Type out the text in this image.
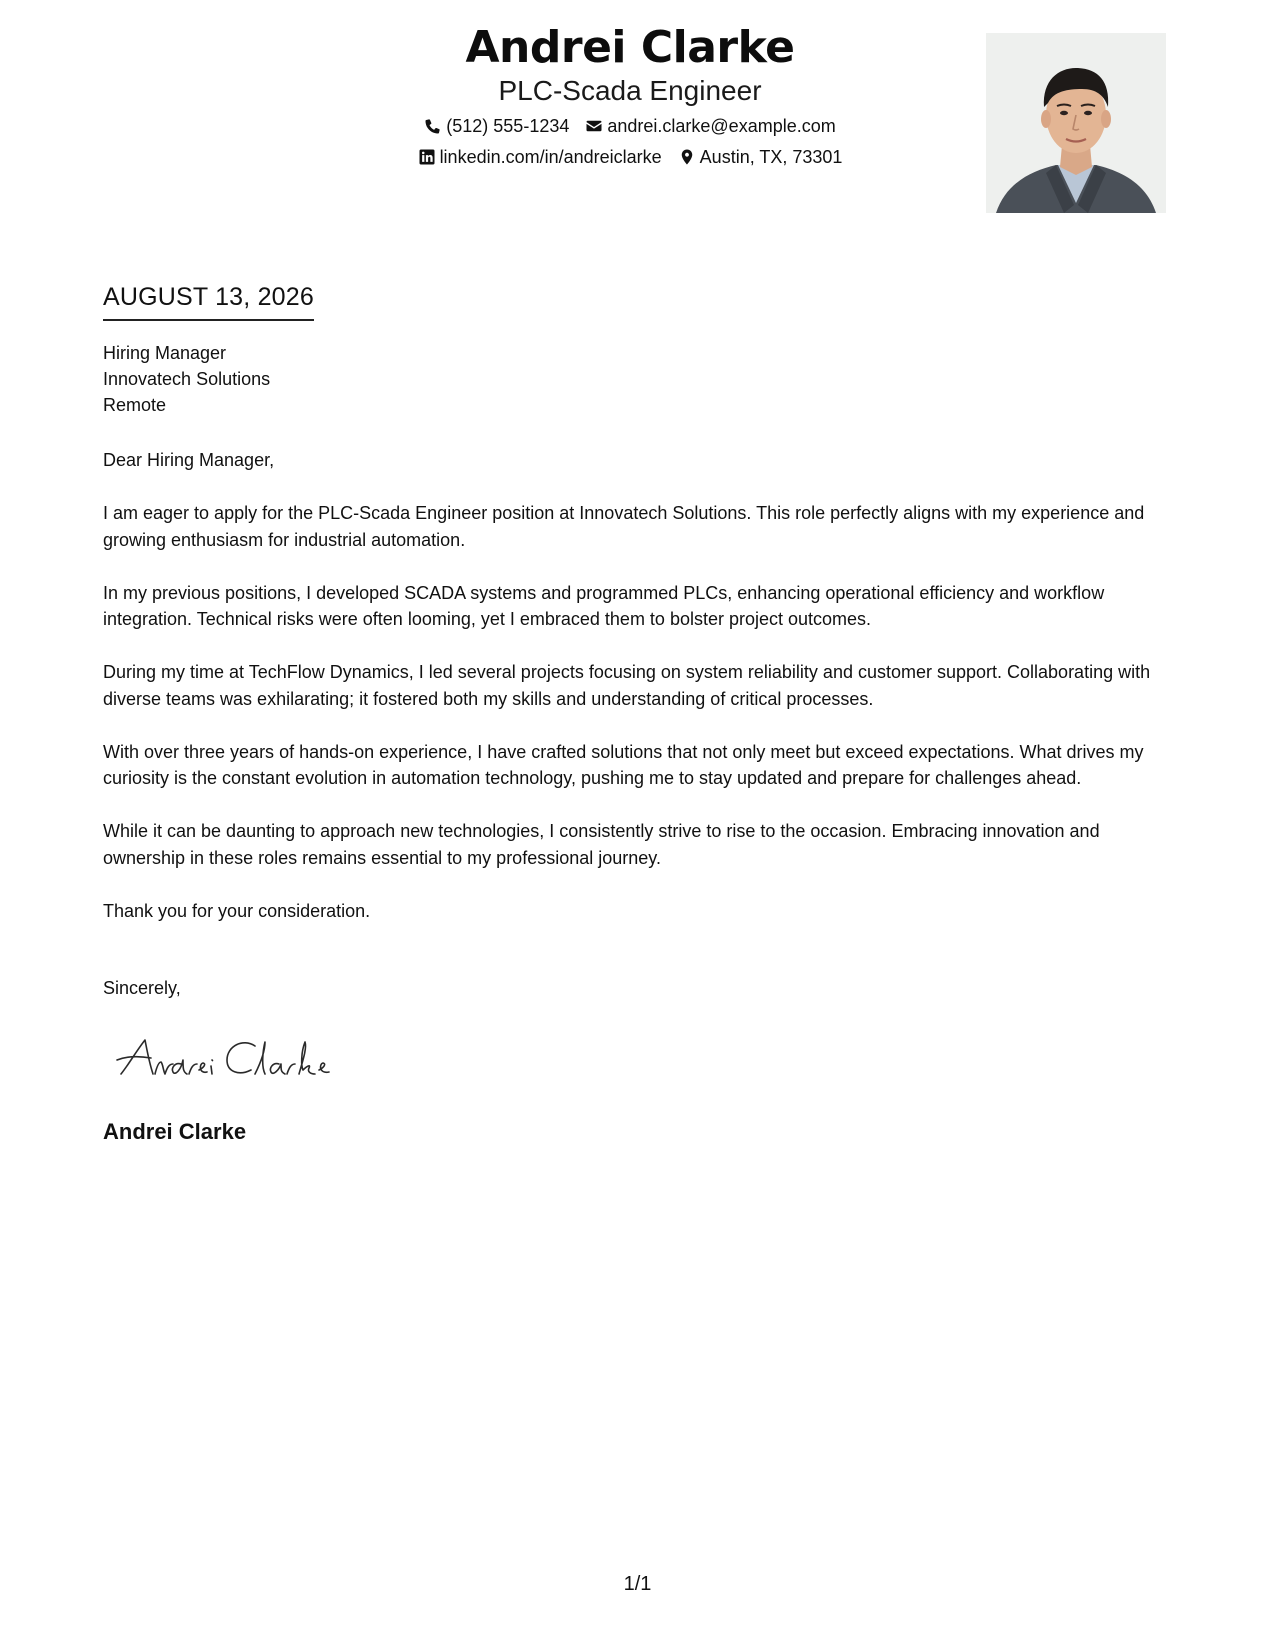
Andrei Clarke
PLC-Scada Engineer
(512) 555-1234 andrei.clarke@example.com
linkedin.com/in/andreiclarke Austin, TX, 73301
AUGUST 13, 2026
Hiring Manager
Innovatech Solutions
Remote

Dear Hiring Manager,

I am eager to apply for the PLC-Scada Engineer position at Innovatech Solutions. This role perfectly aligns with my experience and growing enthusiasm for industrial automation.

In my previous positions, I developed SCADA systems and programmed PLCs, enhancing operational efficiency and workflow integration. Technical risks were often looming, yet I embraced them to bolster project outcomes.

During my time at TechFlow Dynamics, I led several projects focusing on system reliability and customer support. Collaborating with diverse teams was exhilarating; it fostered both my skills and understanding of critical processes.

With over three years of hands-on experience, I have crafted solutions that not only meet but exceed expectations. What drives my curiosity is the constant evolution in automation technology, pushing me to stay updated and prepare for challenges ahead.

While it can be daunting to approach new technologies, I consistently strive to rise to the occasion. Embracing innovation and ownership in these roles remains essential to my professional journey.

Thank you for your consideration.

Sincerely,
Andrei Clarke
1/1
